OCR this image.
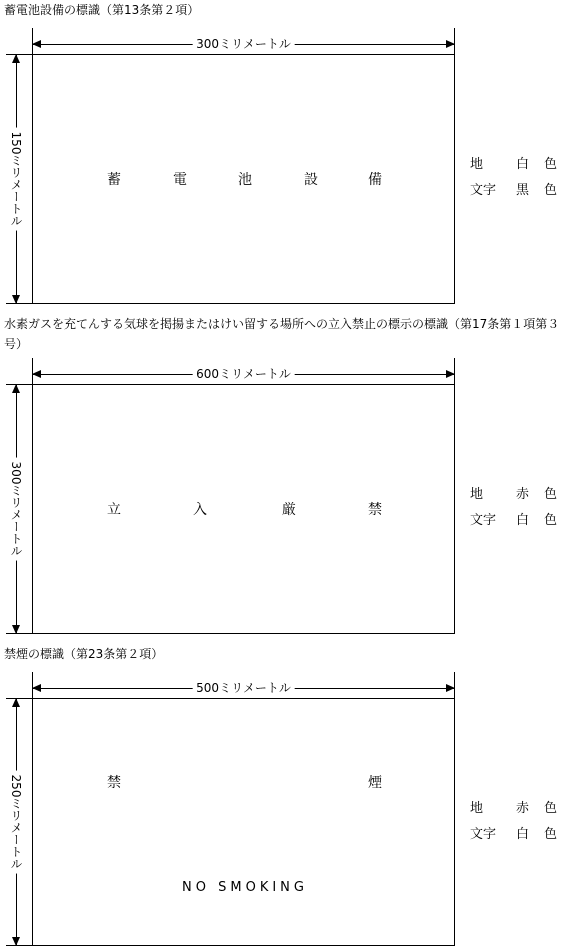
蓄電池設備の標識（第13条第２項）
300ミリメートル
150ミリメートル	蓄	電	池	設	備
地	白 色
文字 黒 色
水素ガスを充てんする気球を掲揚またはけい留する場所への立入禁止の標示の標識（第17条第１項第３号）
600ミリメートル
300ミリメートル	立	入	厳	禁
地	赤 色
文字 白 色
禁煙の標識（第23条第２項）
500ミリメートル
250ミリメートル	禁	煙
NO SMOKING
地	赤 色
文字 白 色
